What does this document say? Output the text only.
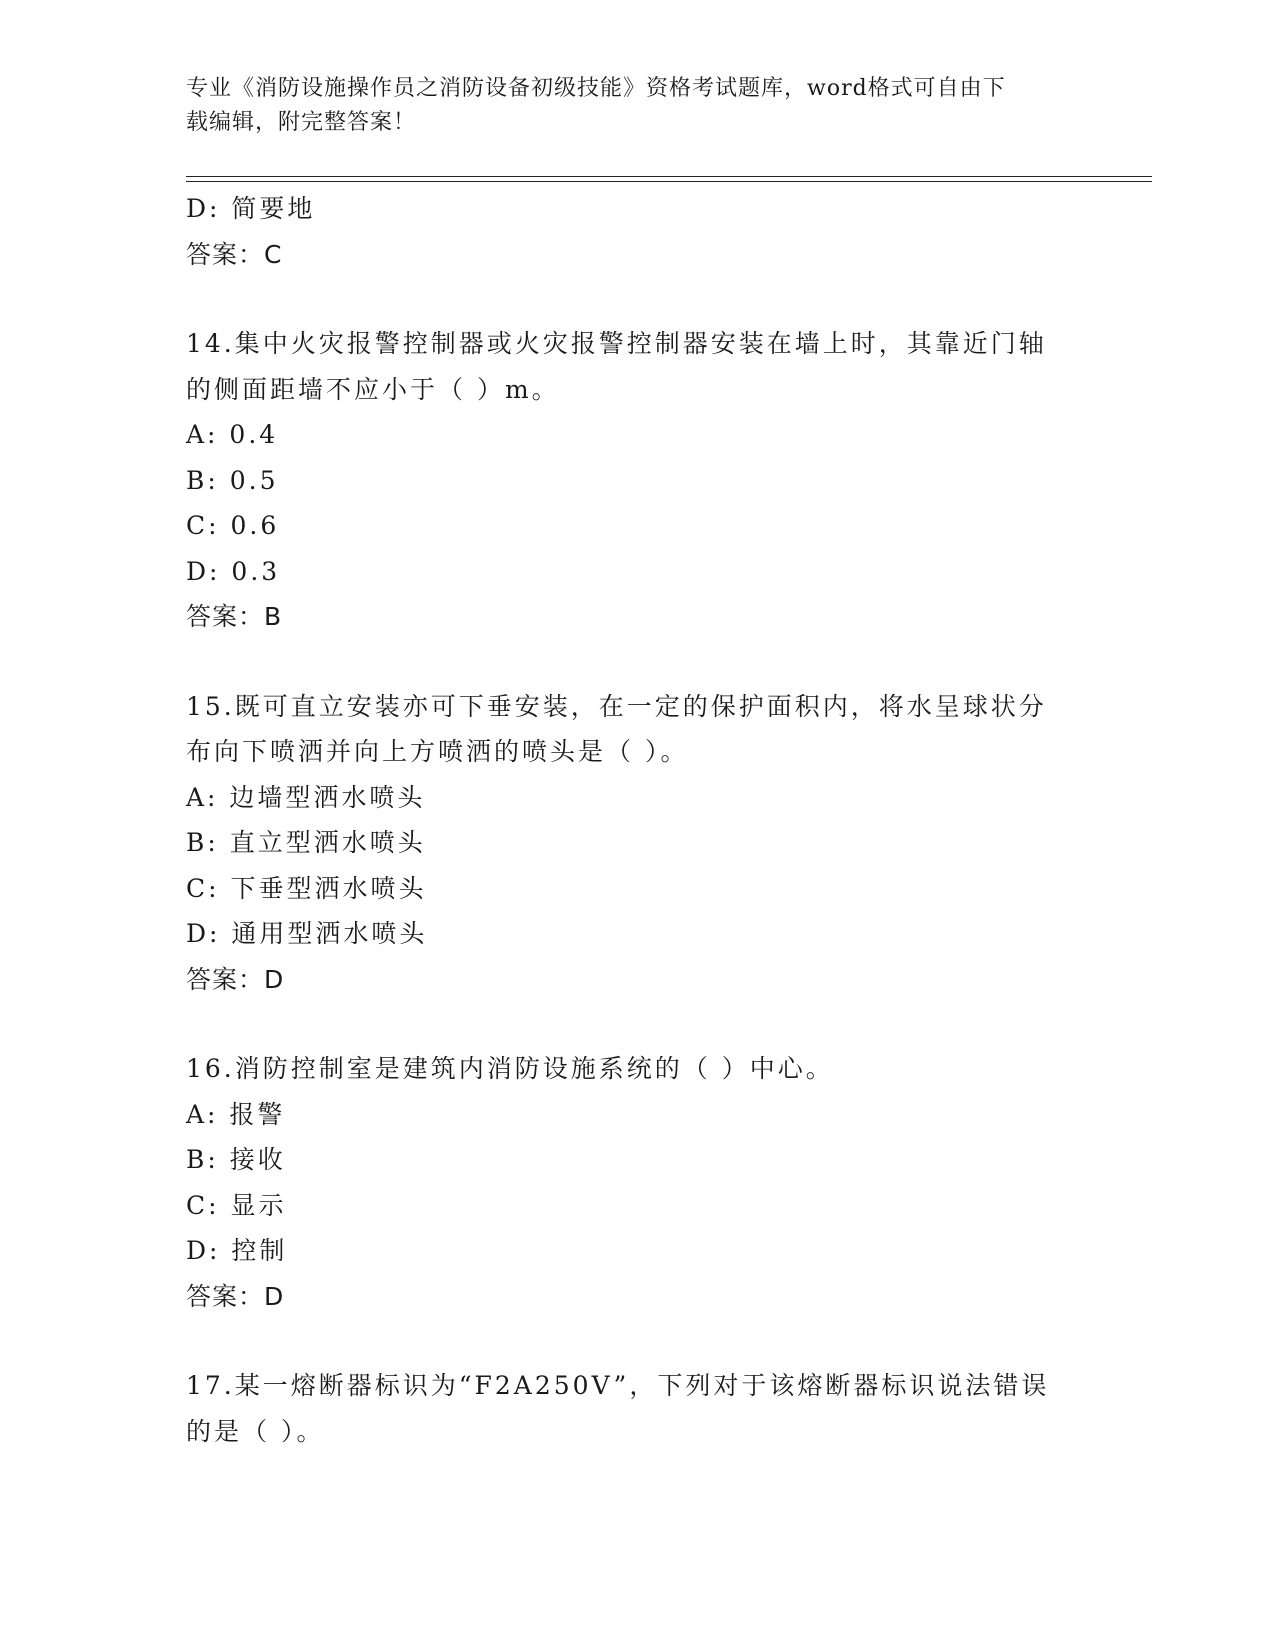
专业《消防设施操作员之消防设备初级技能》资格考试题库，word格式可自由下
载编辑，附完整答案！
D: 简要地
答案：C
14.集中火灾报警控制器或火灾报警控制器安装在墙上时，其靠近门轴
的侧面距墙不应小于（ ）m。
A: 0.4
B: 0.5
C: 0.6
D: 0.3
答案：B
15.既可直立安装亦可下垂安装，在一定的保护面积内，将水呈球状分
布向下喷洒并向上方喷洒的喷头是（ ）。
A: 边墙型洒水喷头
B: 直立型洒水喷头
C: 下垂型洒水喷头
D: 通用型洒水喷头
答案：D
16.消防控制室是建筑内消防设施系统的（ ）中心。
A: 报警
B: 接收
C: 显示
D: 控制
答案：D
17.某一熔断器标识为“F2A250V”，下列对于该熔断器标识说法错误
的是（ ）。
